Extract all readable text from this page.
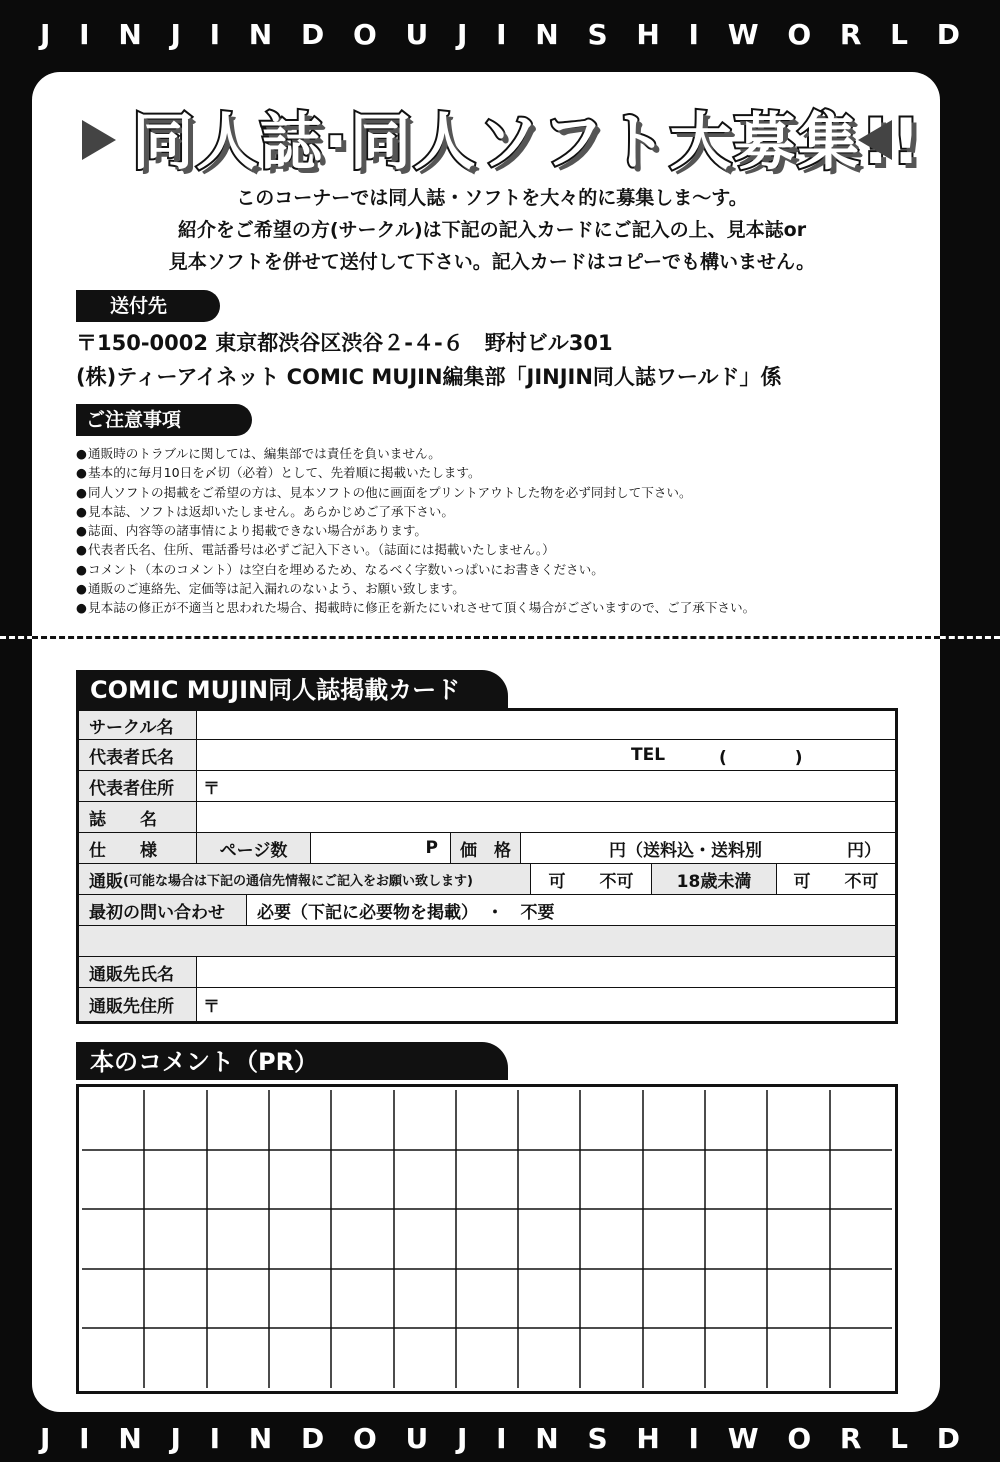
J I N J I N D O U J I N S H I W O R L D
同人誌·同人ソフト大募集!!
このコーナーでは同人誌・ソフトを大々的に募集しま〜す。
紹介をご希望の方(サークル)は下記の記入カードにご記入の上、見本誌or
見本ソフトを併せて送付して下さい。記入カードはコピーでも構いません。
送付先
〒150-0002 東京都渋谷区渋谷２-４-６　野村ビル301
(株)ティーアイネット COMIC MUJIN編集部「JINJIN同人誌ワールド」係
ご注意事項
● 通販時のトラブルに関しては、編集部では責任を負いません。
● 基本的に毎月10日を〆切（必着）として、先着順に掲載いたします。
● 同人ソフトの掲載をご希望の方は、見本ソフトの他に画面をプリントアウトした物を必ず同封して下さい。
● 見本誌、ソフトは返却いたしません。あらかじめご了承下さい。
● 誌面、内容等の諸事情により掲載できない場合があります。
● 代表者氏名、住所、電話番号は必ずご記入下さい。（誌面には掲載いたしません。）
● コメント（本のコメント）は空白を埋めるため、なるべく字数いっぱいにお書きください。
● 通販のご連絡先、定価等は記入漏れのないよう、お願い致します。
● 見本誌の修正が不適当と思われた場合、掲載時に修正を新たにいれさせて頂く場合がございますので、ご了承下さい。
COMIC MUJIN同人誌掲載カード
サークル名
代表者氏名	TEL	(　　　　)
代表者住所	〒
誌　　名
仕　　様	ページ数	P	価　格	円（送料込・送料別　　　　　円）
通販 (可能な場合は下記の通信先情報にご記入をお願い致します)	可　　不可	18歳未満	可　　不可
最初の問い合わせ	必要（下記に必要物を掲載）　・　不要
通販先氏名
通販先住所	〒
本のコメント（PR）
J I N J I N D O U J I N S H I W O R L D
